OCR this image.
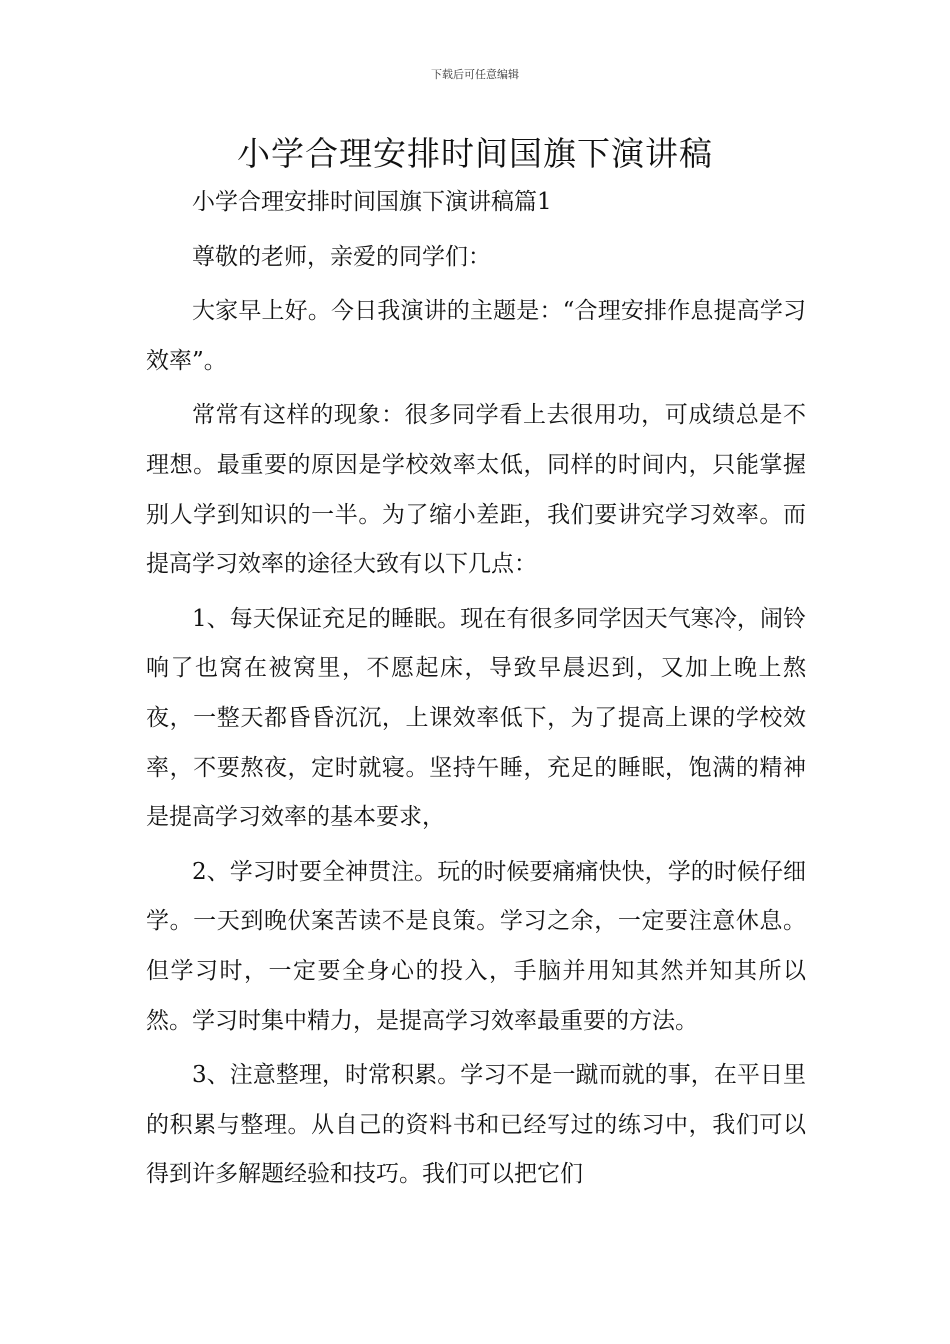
下载后可任意编辑
小学合理安排时间国旗下演讲稿

小学合理安排时间国旗下演讲稿篇1

尊敬的老师，亲爱的同学们：

大家早上好。今日我演讲的主题是：“合理安排作息提高学习效率”。

常常有这样的现象：很多同学看上去很用功，可成绩总是不理想。最重要的原因是学校效率太低，同样的时间内，只能掌握别人学到知识的一半。为了缩小差距，我们要讲究学习效率。而提高学习效率的途径大致有以下几点：

1、每天保证充足的睡眠。现在有很多同学因天气寒冷，闹铃响了也窝在被窝里，不愿起床，导致早晨迟到，又加上晚上熬夜，一整天都昏昏沉沉，上课效率低下，为了提高上课的学校效率，不要熬夜，定时就寝。坚持午睡，充足的睡眠，饱满的精神是提高学习效率的基本要求，

2、学习时要全神贯注。玩的时候要痛痛快快，学的时候仔细学。一天到晚伏案苦读不是良策。学习之余，一定要注意休息。但学习时，一定要全身心的投入，手脑并用知其然并知其所以然。学习时集中精力，是提高学习效率最重要的方法。

3、注意整理，时常积累。学习不是一蹴而就的事，在平日里的积累与整理。从自己的资料书和已经写过的练习中，我们可以得到许多解题经验和技巧。我们可以把它们
